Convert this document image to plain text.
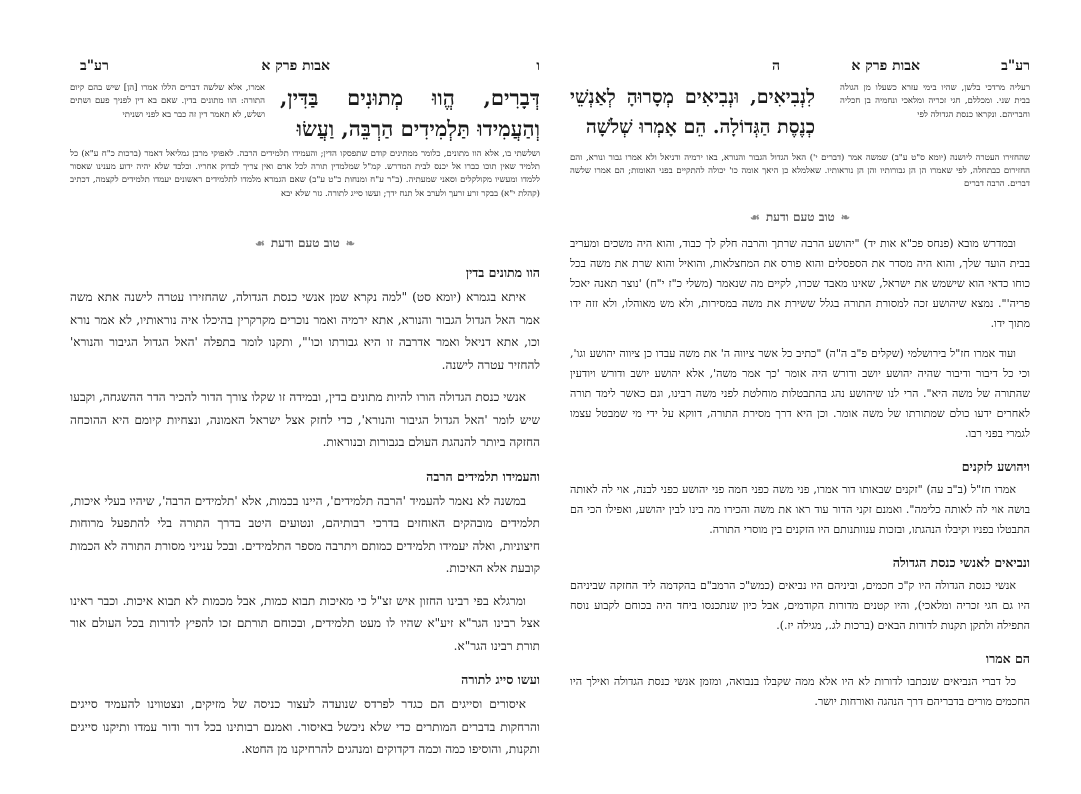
ו
אבות פרק א
רע"ב
דְּבָרִים, הֱווּ מְתוּנִים בַּדִּין, וְהַעֲמִידוּ תַּלְמִידִים הַרְבֵּה, וַעֲשׂוּ
אמרו, אלא שלשה דברים הללו אמרו [הן] שיש בהם קיום התורה: הוו מתונים בדין. שאם בא דין לפניך פעם ושתים ושלש, לא תאמר דין זה כבר בא לפני ושניתי
ושלשתי בו, אלא הוו מתונים, כלומר ממתינים קודם שתפסקו הדין; והעמידו תלמידים הרבה. לאפוקי מרבן גמליאל דאמר (ברכות כ"ח ע"א) כל תלמיד שאין תוכו כברו אל יכנס לבית המדרש. קמ"ל שמלמדין תורה לכל אדם ואין צריך לבדוק אחריו. וכלבד שלא יהיה ידוע מענינו שאסור ללמדו ומעשיו מקולקלים וסאני שמעתיה. (ב"ר ע"ח ומנחות כ"ט ע"ב) שאם הגמרא מלמדו לתלמידים ראשונים יעמדו תלמידים לקצמה, דכתיב (קהלת י"א) בבקר זרע זרעך ולערב אל תנח ידך; ועשו סייג לתורה. גזר שלא יבא
❧טוב טעם ודעת☙

הוו מתונים בדין

איתא בגמרא (יומא סט) "למה נקרא שמן אנשי כנסת הגדולה, שהחזירו עטרה לישנה אתא משה אמר האל הגדול הגבור והנורא, אתא ירמיה ואמר נוכרים מקרקרין בהיכלו איה נוראותיו, לא אמר נורא וכו, אתא דניאל ואמר אדרבה זו היא גבורתו וכו'", ותקנו לומר בתפלה 'האל הגדול הגיבור והנורא' להחזיר עטרה לישנה.

אנשי כנסת הגדולה הורו להיות מתונים בדין, ובמידה זו שקלו צורך הדור להכיר הדר ההשגחה, וקבעו שיש לומר 'האל הגדול הגיבור והנורא', כדי לחזק אצל ישראל האמונה, ונצחיות קיומם היא ההוכחה החזקה ביותר להנהגת העולם בגבורות ובנוראות.

והעמידו תלמידים הרבה

במשנה לא נאמר להעמיד 'הרבה תלמידים', היינו בכמות, אלא 'תלמידים הרבה', שיהיו בעלי איכות, תלמידים מובהקים האוחזים בדרכי רבותיהם, ונטועים היטב בדרך התורה בלי להתפעל מרוחות חיצוניות, ואלה יעמידו תלמידים כמותם ויתרבה מספר התלמידים. ובכל ענייני מסורת התורה לא הכמות קובעת אלא האיכות.

ומרגלא בפי רבינו החזון איש זצ"ל כי מאיכות תבוא כמות, אבל מכמות לא תבוא איכות. וכבר ראינו אצל רבינו הגר"א זיע"א שהיו לו מעט תלמידים, ובכוחם תורתם זכו להפיץ לדורות בכל העולם אור תורת רבינו הגר"א.

ועשו סייג לתורה

איסורים וסייגים הם כגדר לפרדס שנועדה לעצור כניסה של מזיקים, ונצטווינו להעמיד סייגים והרחקות בדברים המותרים כדי שלא ניכשל באיסור. ואמנם רבותינו בכל דור ודור עמדו ותיקנו סייגים ותקנות, והוסיפו כמה וכמה דקדוקים ומנהגים להרחיקנו מן החטא.

ה	אבות פרק א	רע"ב
לִנְבִיאִים, וּנְבִיאִים מְסָרוּהָ לְאַנְשֵׁי כְנֶסֶת הַגְּדוֹלָה. הֵם אָמְרוּ שְׁלֹשָׁה
רעליה מרדכי בלשן, שהיו בימי עזרא כשעלו מן הגולה בבית שני. ומכללם, חגי זכריה ומלאכי ונחמיה בן חכליה וחבריהם. ונקראו כנסת הגדולה לפי
שהחזירו העטרה ליושנה (יומא ס"ט ע"ב) שמשה אמר (דברים י') האל הגדול הגבור והנורא, באו ירמיה ודניאל ולא אמרו גבור ונורא, והם החזירום כבתחלה, לפי שאמרו הן הן גבורותיו והן הן נוראותיו. שאלמלא כן היאך אומה כו' יכולה להתקיים בפני האומות; הם אמרו שלשה דברים. הרבה דברים
❧טוב טעם ודעת☙

ובמדרש מובא (פנחס פכ"א אות יד) "יהושע הרבה שרתך והרבה חלק לך כבוד, והוא היה משכים ומעריב בבית הועד שלך, והוא היה מסדר את הספסלים והוא פורס את המחצלאות, והואיל והוא שרת את משה בכל כוחו כדאי הוא שישמש את ישראל, שאינו מאבד שכרו, לקיים מה שנאמר (משלי כ"ז י"ח) 'נוצר תאנה יאכל פריה'". נמצא שיהושע זכה למסורת התורה בגלל ששירת את משה במסירות, ולא מש מאוהלו, ולא זזה ידו מתוך ידו.

ועוד אמרו חז"ל בירושלמי (שקלים פ"ב ה"ה) "כתיב כל אשר ציווה ה' את משה עבדו כן ציווה יהושע וגו', וכי כל דיבור ודיבור שהיה יהושע יושב ודורש היה אומר 'כך אמר משה', אלא יהושע יושב ודורש ויודעין שהתורה של משה היא". הרי לנו שיהושע נהג בהתבטלות מוחלטת לפני משה רבינו, וגם כאשר לימד תורה לאחרים ידעו כולם שמתורתו של משה אומר. וכן היא דרך מסירת התורה, דווקא על ידי מי שמבטל עצמו לגמרי בפני רבו.

ויהושע לזקנים

אמרו חז"ל (ב"ב עה) "זקנים שבאותו דור אמרו, פני משה כפני חמה פני יהושע כפני לבנה, אוי לה לאותה בושה אוי לה לאותה כלימה". ואמנם זקני הדור עוד ראו את משה והכירו מה בינו לבין יהושע, ואפילו הכי הם התבטלו בפניו וקיבלו הנהגתו, ובזכות ענוותנותם היו הזקנים בין מוסרי התורה.

ונביאים לאנשי כנסת הגדולה

אנשי כנסת הגדולה היו ק"כ חכמים, וביניהם היו נביאים (כמש"כ הרמב"ם בהקדמה ליד החזקה שביניהם היו גם חגי זכריה ומלאכי), והיו קטנים מדורות הקודמים, אבל כיון שנתכנסו ביחד היה בכוחם לקבוע נוסח התפילה ולתקן תקנות לדורות הבאים (ברכות לג., מגילה יז.).

הם אמרו

כל דברי הנביאים שנכתבו לדורות לא היו אלא ממה שקבלו בנבואה, ומזמן אנשי כנסת הגדולה ואילך היו החכמים מורים בדבריהם דרך הנהגה ואורחות יושר.
